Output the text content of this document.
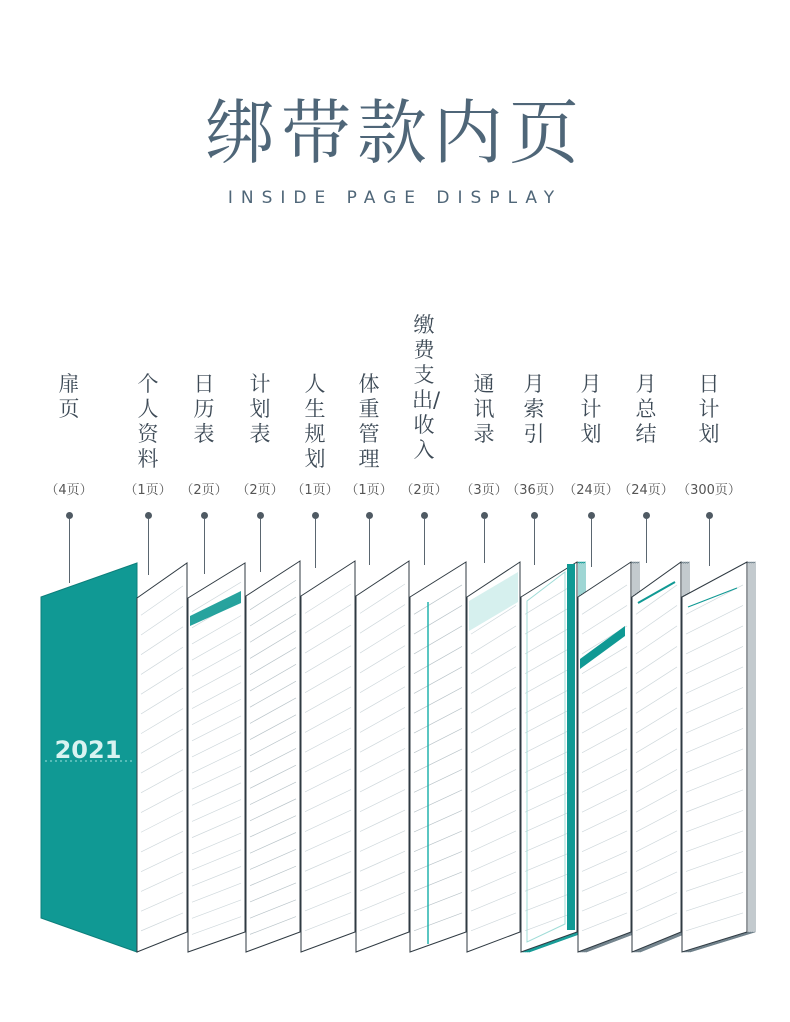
绑带款内页
INSIDE PAGE DISPLAY
扉页
（4页）
个人资料
（1页）
日历表
（2页）
计划表
（2页）
人生规划
（1页）
体重管理
（1页）
缴费支出/收入
（2页）
通讯录
（3页）
月索引
（36页）
月计划
（24页）
月总结
（24页）
日计划
（300页）
2021
